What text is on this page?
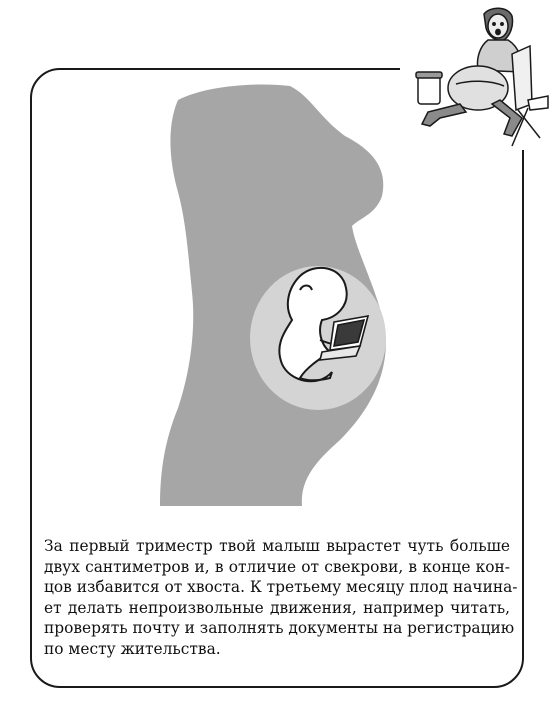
За первый триместр твой малыш вырастет чуть больше
двух сантиметров и, в отличие от свекрови, в конце кон-
цов избавится от хвоста. К третьему месяцу плод начина-
ет делать непроизвольные движения, например читать,
проверять почту и заполнять документы на регистрацию
по месту жительства.
